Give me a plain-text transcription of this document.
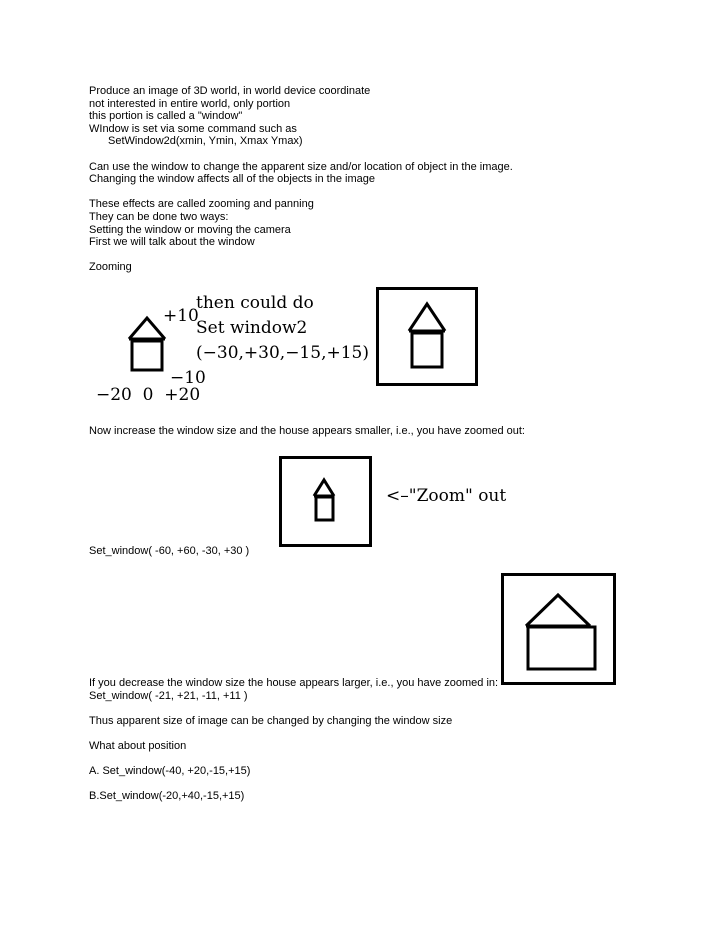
Produce an image of 3D world, in world device coordinate
not interested in entire world, only portion
this portion is called a "window"
WIndow is set via some command such as
SetWindow2d(xmin, Ymin, Xmax Ymax)
Can use the window to change the apparent size and/or location of object in the image.
Changing the window affects all of the objects in the image
These effects are called zooming and panning
They can be done two ways:
Setting the window or moving the camera
First we will talk about the window
Zooming
+10
−10
−20  0  +20
then could do
Set window2
(−30,+30,−15,+15)
Now increase the window size and the house appears smaller, i.e., you have zoomed out:
<–"Zoom" out
Set_window( -60, +60, -30, +30 )
If you decrease the window size the house appears larger, i.e., you have zoomed in:
Set_window( -21, +21, -11, +11 )
Thus apparent size of image can be changed by changing the window size
What about position
A. Set_window(-40, +20,-15,+15)
B.Set_window(-20,+40,-15,+15)
